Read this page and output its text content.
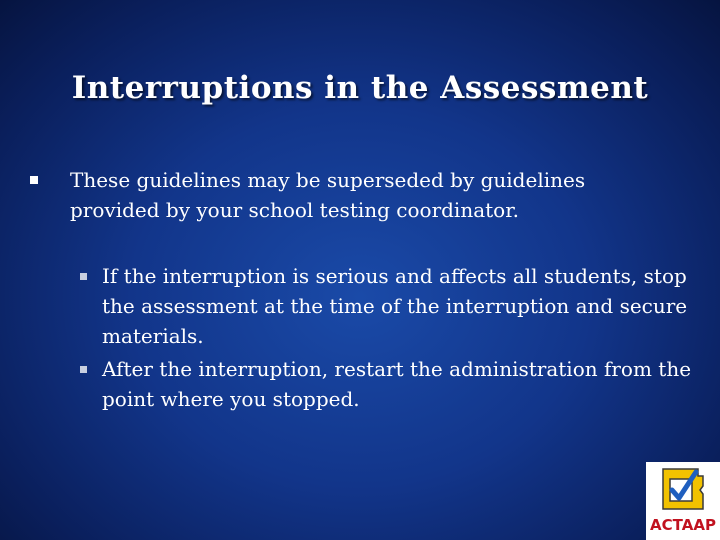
Interruptions in the Assessment
These guidelines may be superseded by guidelines provided by your school testing coordinator.
If the interruption is serious and affects all students, stop the assessment at the time of the interruption and secure materials.
After the interruption, restart the administration from the point where you stopped.
ACTAAP
